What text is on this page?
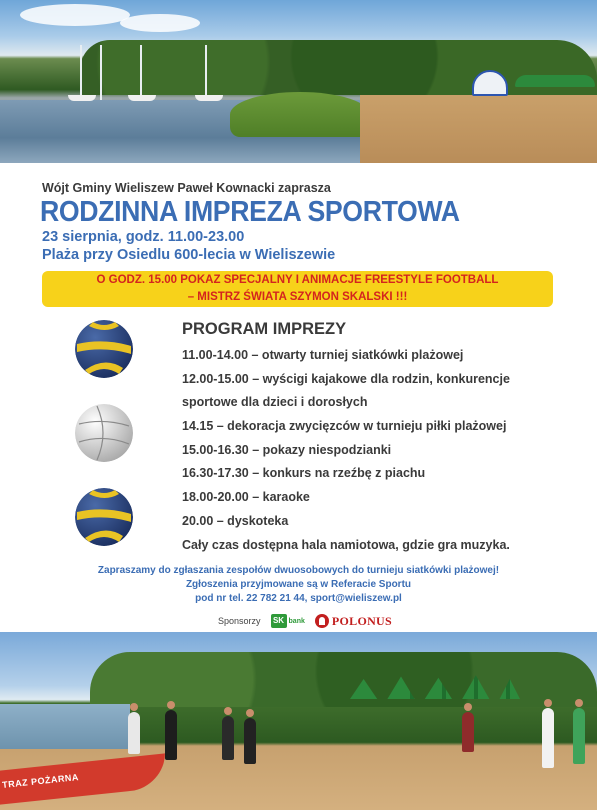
Wójt Gminy Wieliszew Paweł Kownacki zaprasza
RODZINNA IMPREZA SPORTOWA
23 sierpnia, godz. 11.00-23.00
Plaża przy Osiedlu 600-lecia w Wieliszewie
O GODZ. 15.00 POKAZ SPECJALNY I ANIMACJE FREESTYLE FOOTBALL
– MISTRZ ŚWIATA SZYMON SKALSKI !!!
PROGRAM IMPREZY
11.00-14.00 – otwarty turniej siatkówki plażowej
12.00-15.00 – wyścigi kajakowe dla rodzin, konkurencje
sportowe dla dzieci i dorosłych
14.15 – dekoracja zwycięzców w turnieju piłki plażowej
15.00-16.30 – pokazy niespodzianki
16.30-17.30 – konkurs na rzeźbę z piachu
18.00-20.00 – karaoke
20.00 – dyskoteka
Cały czas dostępna hala namiotowa, gdzie gra muzyka.
Zapraszamy do zgłaszania zespołów dwuosobowych do turnieju siatkówki plażowej!
Zgłoszenia przyjmowane są w Referacie Sportu
pod nr tel. 22 782 21 44, sport@wieliszew.pl
Sponsorzy	SK bank POLONUS
TRAZ POŻARNA
